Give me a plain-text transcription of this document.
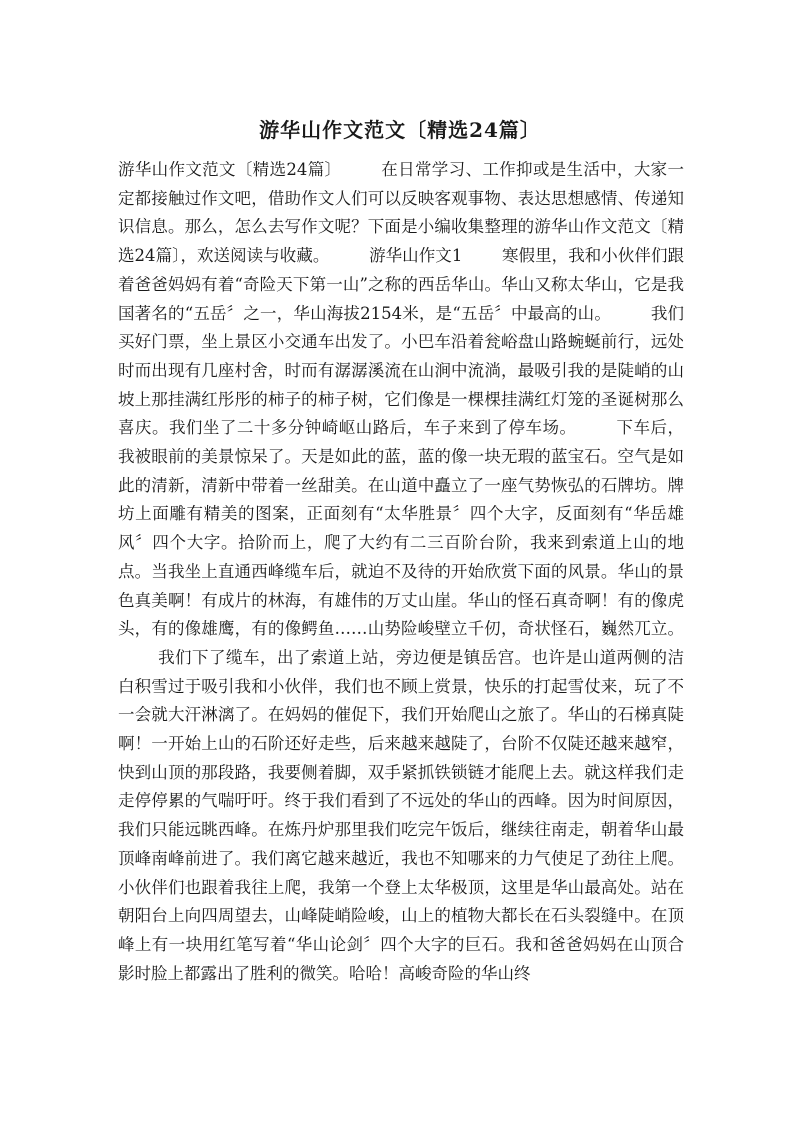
游华山作文范文〔精选24篇〕
游华山作文范文〔精选24篇〕 在日常学习、工作抑或是生活中，大家一定都接触过作文吧，借助作文人们可以反映客观事物、表达思想感情、传递知识信息。那么，怎么去写作文呢？下面是小编收集整理的游华山作文范文〔精选24篇〕，欢送阅读与收藏。 游华山作文1 寒假里，我和小伙伴们跟着爸爸妈妈有着“奇险天下第一山”之称的西岳华山。华山又称太华山，它是我国著名的“五岳〞之一，华山海拔2154米，是“五岳〞中最高的山。 我们买好门票，坐上景区小交通车出发了。小巴车沿着瓮峪盘山路蜿蜒前行，远处时而出现有几座村舍，时而有潺潺溪流在山涧中流淌，最吸引我的是陡峭的山坡上那挂满红彤彤的柿子的柿子树，它们像是一棵棵挂满红灯笼的圣诞树那么喜庆。我们坐了二十多分钟崎岖山路后，车子来到了停车场。 下车后，我被眼前的美景惊呆了。天是如此的蓝，蓝的像一块无瑕的蓝宝石。空气是如此的清新，清新中带着一丝甜美。在山道中矗立了一座气势恢弘的石牌坊。牌坊上面雕有精美的图案，正面刻有“太华胜景〞四个大字，反面刻有“华岳雄风〞四个大字。拾阶而上，爬了大约有二三百阶台阶，我来到索道上山的地点。当我坐上直通西峰缆车后，就迫不及待的开始欣赏下面的风景。华山的景色真美啊！有成片的林海，有雄伟的万丈山崖。华山的怪石真奇啊！有的像虎头，有的像雄鹰，有的像鳄鱼……山势险峻壁立千仞，奇状怪石，巍然兀立。我们下了缆车，出了索道上站，旁边便是镇岳宫。也许是山道两侧的洁白积雪过于吸引我和小伙伴，我们也不顾上赏景，快乐的打起雪仗来，玩了不一会就大汗淋漓了。在妈妈的催促下，我们开始爬山之旅了。华山的石梯真陡啊！一开始上山的石阶还好走些，后来越来越陡了，台阶不仅陡还越来越窄，快到山顶的那段路，我要侧着脚，双手紧抓铁锁链才能爬上去。就这样我们走走停停累的气喘吁吁。终于我们看到了不远处的华山的西峰。因为时间原因，我们只能远眺西峰。在炼丹炉那里我们吃完午饭后，继续往南走，朝着华山最顶峰南峰前进了。我们离它越来越近，我也不知哪来的力气使足了劲往上爬。小伙伴们也跟着我往上爬，我第一个登上太华极顶，这里是华山最高处。站在朝阳台上向四周望去，山峰陡峭险峻，山上的植物大都长在石头裂缝中。在顶峰上有一块用红笔写着“华山论剑〞四个大字的巨石。我和爸爸妈妈在山顶合影时脸上都露出了胜利的微笑。哈哈！高峻奇险的华山终
